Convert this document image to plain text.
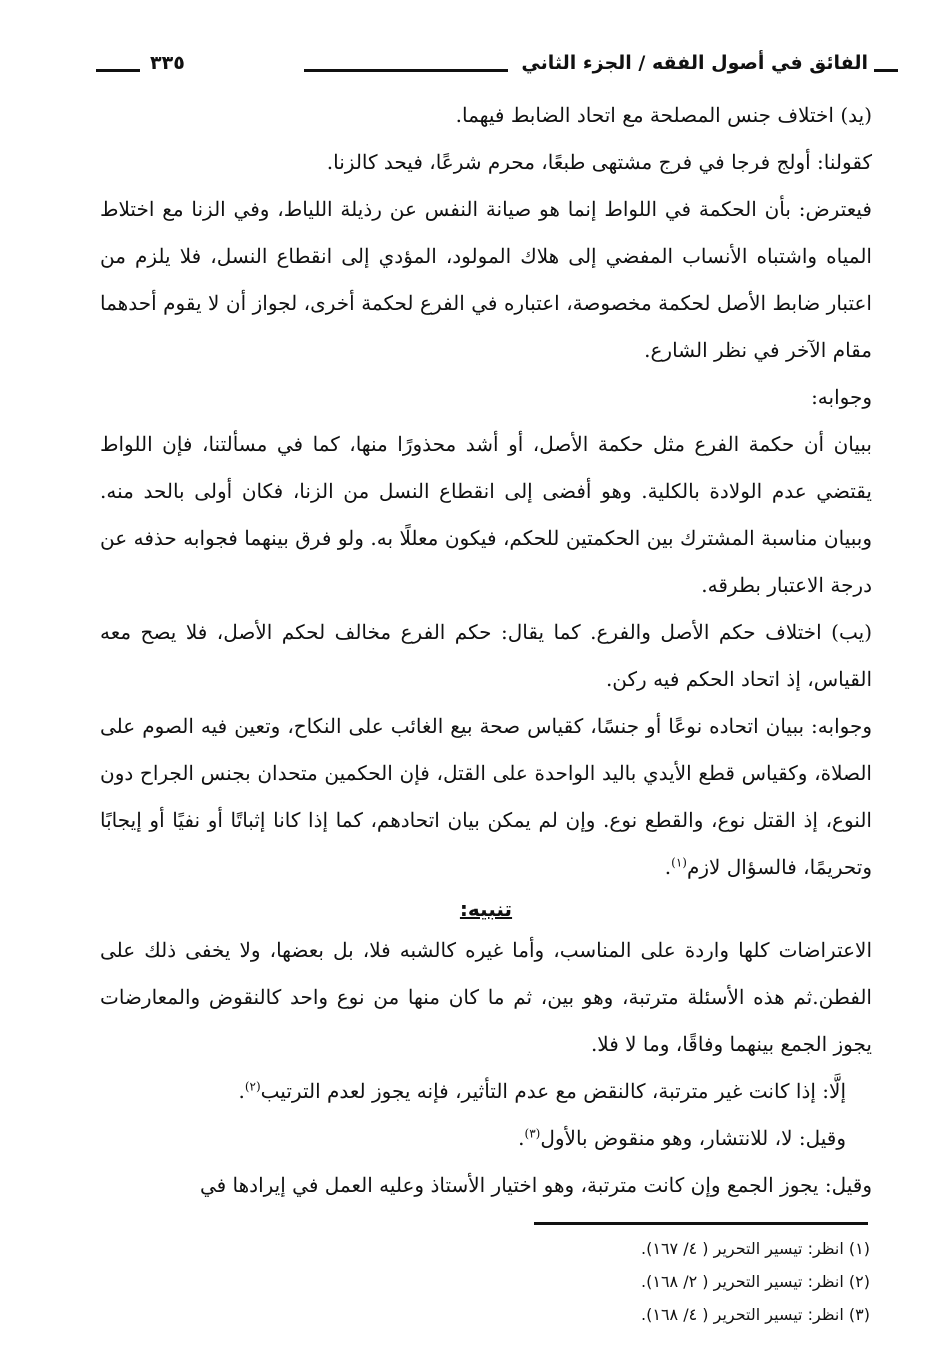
٣٣٥	الفائق في أصول الفقه / الجزء الثاني

(يد) اختلاف جنس المصلحة مع اتحاد الضابط فيهما.

كقولنا: أولج فرجا في فرج مشتهى طبعًا، محرم شرعًا، فيحد كالزنا.

فيعترض: بأن الحكمة في اللواط إنما هو صيانة النفس عن رذيلة اللياط، وفي الزنا مع اختلاط المياه واشتباه الأنساب المفضي إلى هلاك المولود، المؤدي إلى انقطاع النسل، فلا يلزم من اعتبار ضابط الأصل لحكمة مخصوصة، اعتباره في الفرع لحكمة أخرى، لجواز أن لا يقوم أحدهما مقام الآخر في نظر الشارع.

وجوابه:

ببيان أن حكمة الفرع مثل حكمة الأصل، أو أشد محذورًا منها، كما في مسألتنا، فإن اللواط يقتضي عدم الولادة بالكلية. وهو أفضى إلى انقطاع النسل من الزنا، فكان أولى بالحد منه. وببيان مناسبة المشترك بين الحكمتين للحكم، فيكون معللًا به. ولو فرق بينهما فجوابه حذفه عن درجة الاعتبار بطرقه.

(يب) اختلاف حكم الأصل والفرع. كما يقال: حكم الفرع مخالف لحكم الأصل، فلا يصح معه القياس، إذ اتحاد الحكم فيه ركن.

وجوابه: ببيان اتحاده نوعًا أو جنسًا، كقياس صحة بيع الغائب على النكاح، وتعين فيه الصوم على الصلاة، وكقياس قطع الأيدي باليد الواحدة على القتل، فإن الحكمين متحدان بجنس الجراح دون النوع، إذ القتل نوع، والقطع نوع. وإن لم يمكن بيان اتحادهم، كما إذا كانا إثباتًا أو نفيًا أو إيجابًا وتحريمًا، فالسؤال لازم$^{(١)}$.

تنبيه:

الاعتراضات كلها واردة على المناسب، وأما غيره كالشبه فلا، بل بعضها، ولا يخفى ذلك على الفطن.ثم هذه الأسئلة مترتبة، وهو بين، ثم ما كان منها من نوع واحد كالنقوض والمعارضات يجوز الجمع بينهما وفاقًا، وما لا فلا.

إلَّا: إذا كانت غير مترتبة، كالنقض مع عدم التأثير، فإنه يجوز لعدم الترتيب$^{(٢)}$.

وقيل: لا، للانتشار، وهو منقوض بالأول$^{(٣)}$.

وقيل: يجوز الجمع وإن كانت مترتبة، وهو اختيار الأستاذ وعليه العمل في إيرادها في

(١) انظر: تيسير التحرير ( ٤/ ١٦٧).

(٢) انظر: تيسير التحرير ( ٢/ ١٦٨).

(٣) انظر: تيسير التحرير ( ٤/ ١٦٨).
